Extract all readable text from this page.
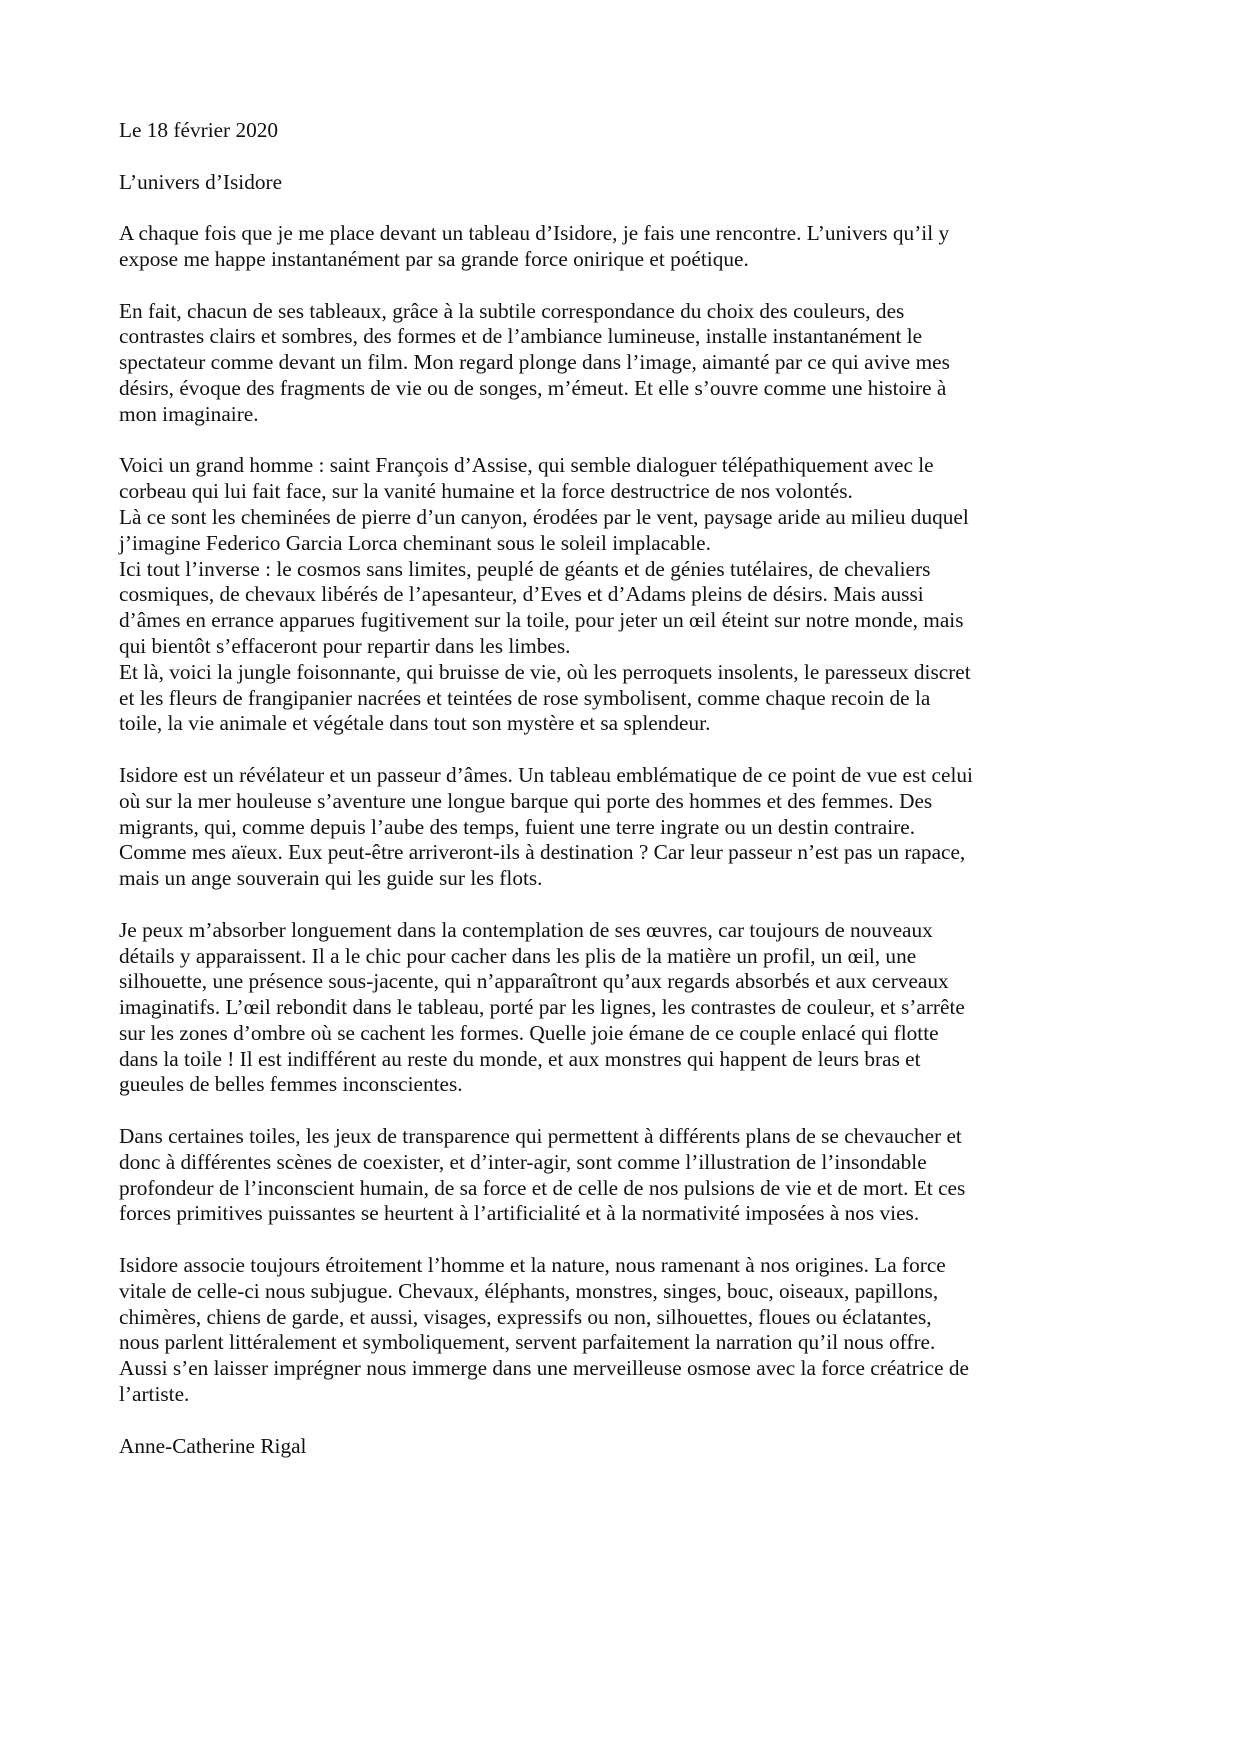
Le 18 février 2020

L’univers d’Isidore

A chaque fois que je me place devant un tableau d’Isidore, je fais une rencontre. L’univers qu’il y
expose me happe instantanément par sa grande force onirique et poétique.

En fait, chacun de ses tableaux, grâce à la subtile correspondance du choix des couleurs, des
contrastes clairs et sombres, des formes et de l’ambiance lumineuse, installe instantanément le
spectateur comme devant un film. Mon regard plonge dans l’image, aimanté par ce qui avive mes
désirs, évoque des fragments de vie ou de songes, m’émeut. Et elle s’ouvre comme une histoire à
mon imaginaire.

Voici un grand homme : saint François d’Assise, qui semble dialoguer télépathiquement avec le
corbeau qui lui fait face, sur la vanité humaine et la force destructrice de nos volontés.
Là ce sont les cheminées de pierre d’un canyon, érodées par le vent, paysage aride au milieu duquel
j’imagine Federico Garcia Lorca cheminant sous le soleil implacable.
Ici tout l’inverse : le cosmos sans limites, peuplé de géants et de génies tutélaires, de chevaliers
cosmiques, de chevaux libérés de l’apesanteur, d’Eves et d’Adams pleins de désirs. Mais aussi
d’âmes en errance apparues fugitivement sur la toile, pour jeter un œil éteint sur notre monde, mais
qui bientôt s’effaceront pour repartir dans les limbes.
Et là, voici la jungle foisonnante, qui bruisse de vie, où les perroquets insolents, le paresseux discret
et les fleurs de frangipanier nacrées et teintées de rose symbolisent, comme chaque recoin de la
toile, la vie animale et végétale dans tout son mystère et sa splendeur.

Isidore est un révélateur et un passeur d’âmes. Un tableau emblématique de ce point de vue est celui
où sur la mer houleuse s’aventure une longue barque qui porte des hommes et des femmes. Des
migrants, qui, comme depuis l’aube des temps, fuient une terre ingrate ou un destin contraire.
Comme mes aïeux. Eux peut-être arriveront-ils à destination ? Car leur passeur n’est pas un rapace,
mais un ange souverain qui les guide sur les flots.

Je peux m’absorber longuement dans la contemplation de ses œuvres, car toujours de nouveaux
détails y apparaissent. Il a le chic pour cacher dans les plis de la matière un profil, un œil, une
silhouette, une présence sous-jacente, qui n’apparaîtront qu’aux regards absorbés et aux cerveaux
imaginatifs. L’œil rebondit dans le tableau, porté par les lignes, les contrastes de couleur, et s’arrête
sur les zones d’ombre où se cachent les formes. Quelle joie émane de ce couple enlacé qui flotte
dans la toile ! Il est indifférent au reste du monde, et aux monstres qui happent de leurs bras et
gueules de belles femmes inconscientes.

Dans certaines toiles, les jeux de transparence qui permettent à différents plans de se chevaucher et
donc à différentes scènes de coexister, et d’inter-agir, sont comme l’illustration de l’insondable
profondeur de l’inconscient humain, de sa force et de celle de nos pulsions de vie et de mort. Et ces
forces primitives puissantes se heurtent à l’artificialité et à la normativité imposées à nos vies.

Isidore associe toujours étroitement l’homme et la nature, nous ramenant à nos origines. La force
vitale de celle-ci nous subjugue. Chevaux, éléphants, monstres, singes, bouc, oiseaux, papillons,
chimères, chiens de garde, et aussi, visages, expressifs ou non, silhouettes, floues ou éclatantes,
nous parlent littéralement et symboliquement, servent parfaitement la narration qu’il nous offre.
Aussi s’en laisser imprégner nous immerge dans une merveilleuse osmose avec la force créatrice de
l’artiste.

Anne-Catherine Rigal
